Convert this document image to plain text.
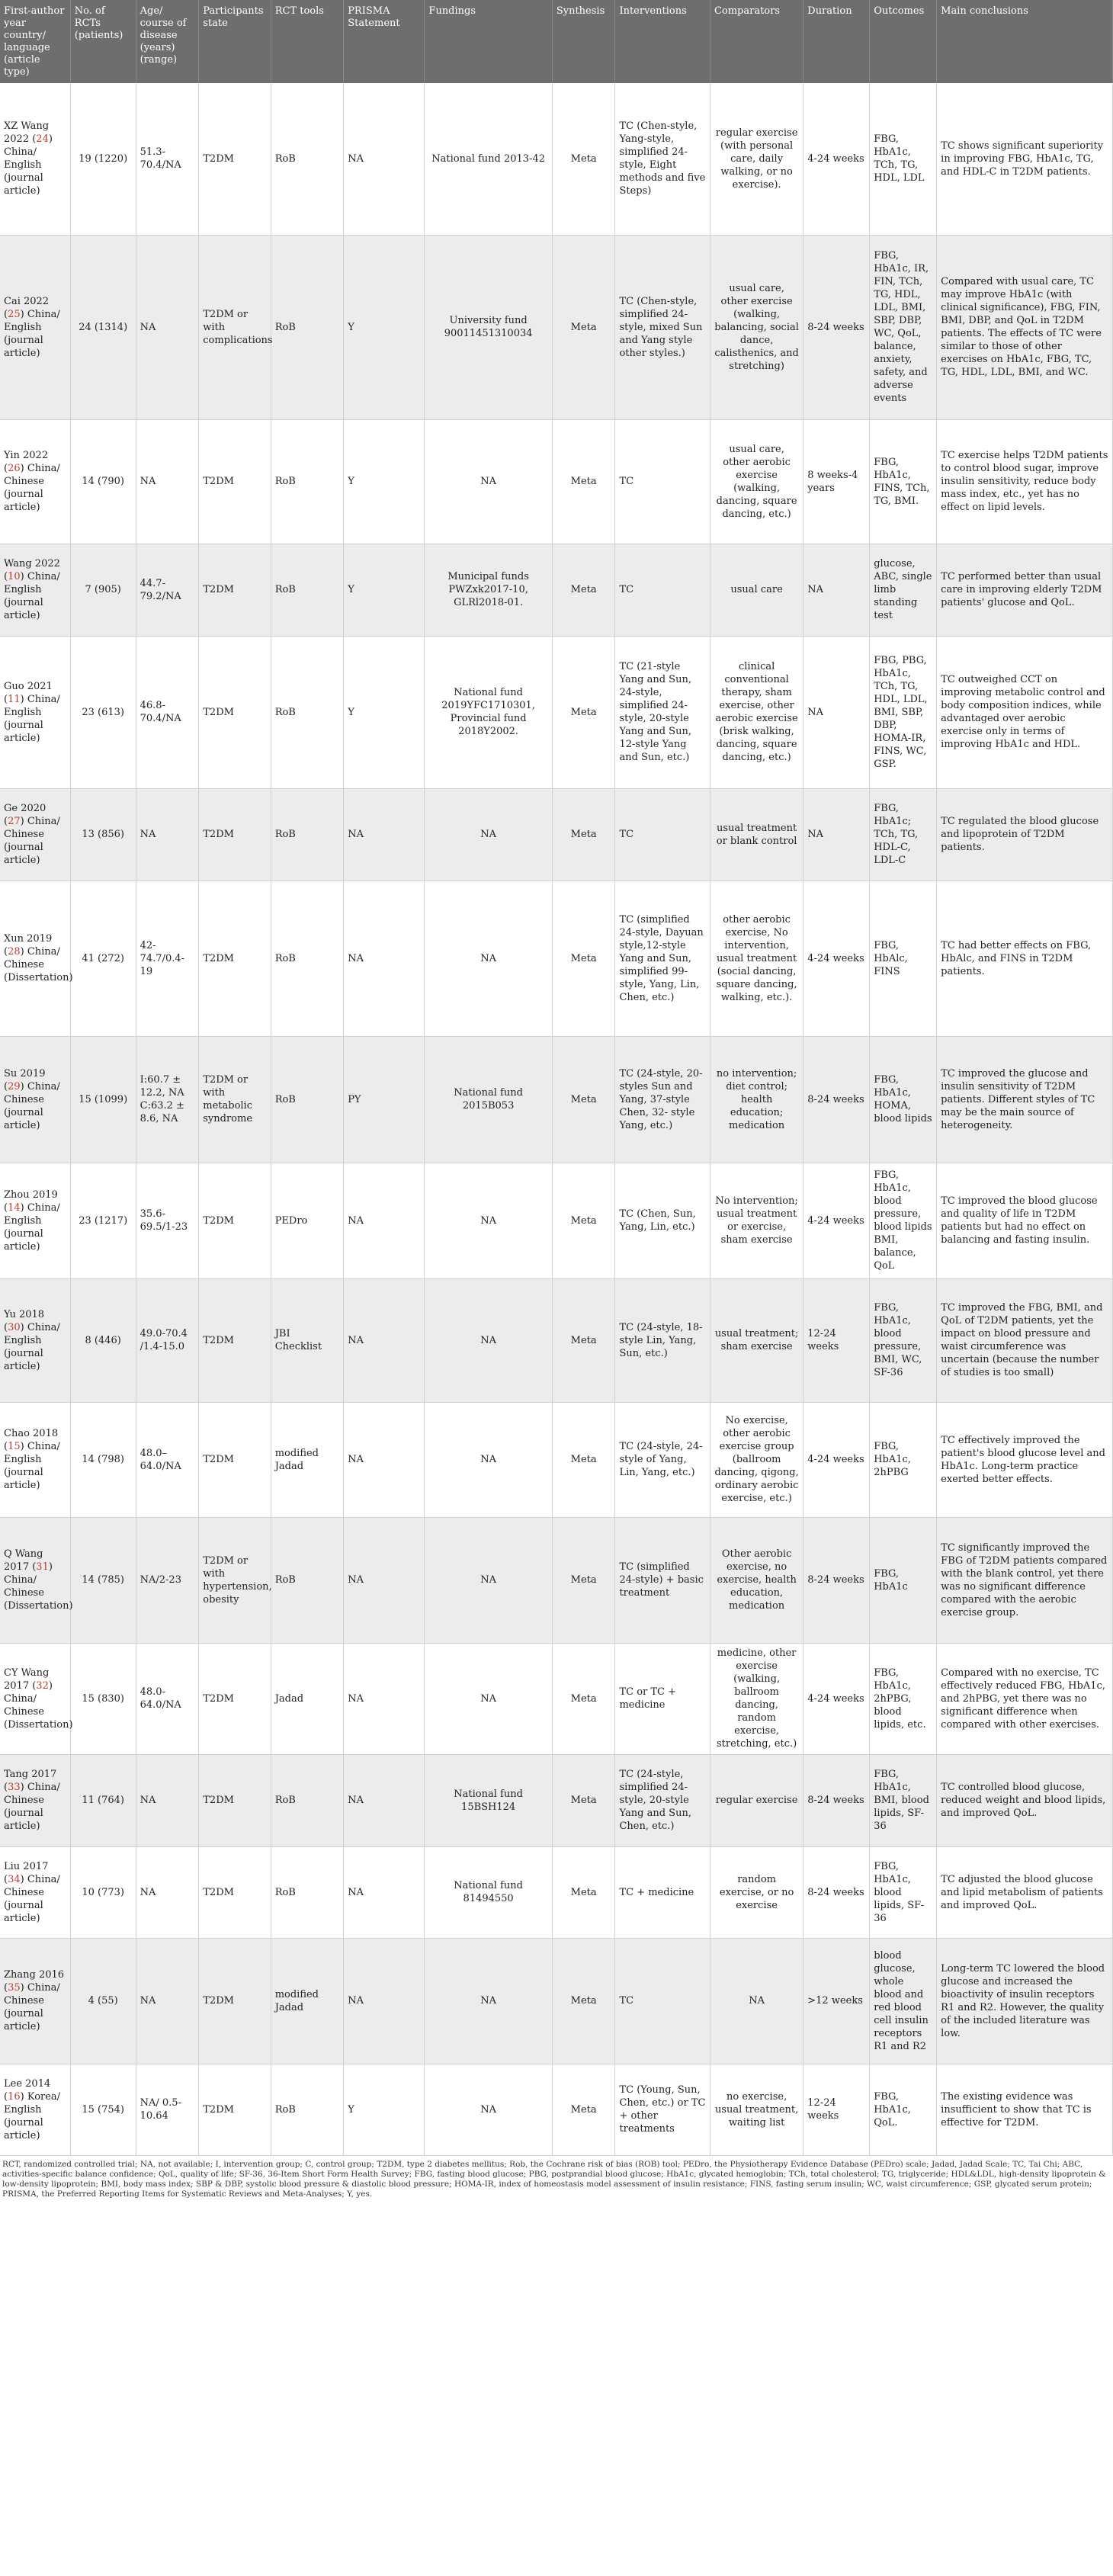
First-author year country/ language (article type)	No. of RCTs (patients)	Age/ course of disease (years) (range)	Participants state	RCT tools	PRISMA Statement	Fundings	Synthesis	Interventions	Comparators	Duration	Outcomes	Main conclusions
XZ Wang 2022 (24) China/ English (journal article)	19 (1220)	51.3-70.4/NA	T2DM	RoB	NA	National fund 2013-42	Meta	TC (Chen-style, Yang-style, simplified 24-style, Eight methods and five Steps)	regular exercise (with personal care, daily walking, or no exercise).	4-24 weeks	FBG, HbA1c, TCh, TG, HDL, LDL	TC shows significant superiority in improving FBG, HbA1c, TG, and HDL-C in T2DM patients.
Cai 2022 (25) China/ English (journal article)	24 (1314)	NA	T2DM or with complications	RoB	Y	University fund 90011451310034	Meta	TC (Chen-style, simplified 24-style, mixed Sun and Yang style other styles.)	usual care, other exercise (walking, balancing, social dance, calisthenics, and stretching)	8-24 weeks	FBG, HbA1c, IR, FIN, TCh, TG, HDL, LDL, BMI, SBP, DBP, WC, QoL, balance, anxiety, safety, and adverse events	Compared with usual care, TC may improve HbA1c (with clinical significance), FBG, FIN, BMI, DBP, and QoL in T2DM patients. The effects of TC were similar to those of other exercises on HbA1c, FBG, TC, TG, HDL, LDL, BMI, and WC.
Yin 2022 (26) China/ Chinese (journal article)	14 (790)	NA	T2DM	RoB	Y	NA	Meta	TC	usual care, other aerobic exercise (walking, dancing, square dancing, etc.)	8 weeks-4 years	FBG, HbA1c, FINS, TCh, TG, BMI.	TC exercise helps T2DM patients to control blood sugar, improve insulin sensitivity, reduce body mass index, etc., yet has no effect on lipid levels.
Wang 2022 (10) China/ English (journal article)	7 (905)	44.7-79.2/NA	T2DM	RoB	Y	Municipal funds PWZxk2017-10, GLRl2018-01.	Meta	TC	usual care	NA	glucose, ABC, single limb standing test	TC performed better than usual care in improving elderly T2DM patients' glucose and QoL.
Guo 2021 (11) China/ English (journal article)	23 (613)	46.8-70.4/NA	T2DM	RoB	Y	National fund 2019YFC1710301, Provincial fund 2018Y2002.	Meta	TC (21-style Yang and Sun, 24-style, simplified 24-style, 20-style Yang and Sun, 12-style Yang and Sun, etc.)	clinical conventional therapy, sham exercise, other aerobic exercise (brisk walking, dancing, square dancing, etc.)	NA	FBG, PBG, HbA1c, TCh, TG, HDL, LDL, BMI, SBP, DBP, HOMA-IR, FINS, WC, GSP.	TC outweighed CCT on improving metabolic control and body composition indices, while advantaged over aerobic exercise only in terms of improving HbA1c and HDL.
Ge 2020 (27) China/ Chinese (journal article)	13 (856)	NA	T2DM	RoB	NA	NA	Meta	TC	usual treatment or blank control	NA	FBG, HbA1c; TCh, TG, HDL-C, LDL-C	TC regulated the blood glucose and lipoprotein of T2DM patients.
Xun 2019 (28) China/ Chinese (Dissertation)	41 (272)	42-74.7/0.4-19	T2DM	RoB	NA	NA	Meta	TC (simplified 24-style, Dayuan style,12-style Yang and Sun, simplified 99-style, Yang, Lin, Chen, etc.)	other aerobic exercise, No intervention, usual treatment (social dancing, square dancing, walking, etc.).	4-24 weeks	FBG, HbAlc, FINS	TC had better effects on FBG, HbAlc, and FINS in T2DM patients.
Su 2019 (29) China/ Chinese (journal article)	15 (1099)	I:60.7 ± 12.2, NA C:63.2 ± 8.6, NA	T2DM or with metabolic syndrome	RoB	PY	National fund 2015B053	Meta	TC (24-style, 20-styles Sun and Yang, 37-style Chen, 32- style Yang, etc.)	no intervention; diet control; health education; medication	8-24 weeks	FBG, HbA1c, HOMA, blood lipids	TC improved the glucose and insulin sensitivity of T2DM patients. Different styles of TC may be the main source of heterogeneity.
Zhou 2019 (14) China/ English (journal article)	23 (1217)	35.6-69.5/1-23	T2DM	PEDro	NA	NA	Meta	TC (Chen, Sun, Yang, Lin, etc.)	No intervention; usual treatment or exercise, sham exercise	4-24 weeks	FBG, HbA1c, blood pressure, blood lipids BMI, balance, QoL	TC improved the blood glucose and quality of life in T2DM patients but had no effect on balancing and fasting insulin.
Yu 2018 (30) China/ English (journal article)	8 (446)	49.0-70.4 /1.4-15.0	T2DM	JBI Checklist	NA	NA	Meta	TC (24-style, 18-style Lin, Yang, Sun, etc.)	usual treatment; sham exercise	12-24 weeks	FBG, HbA1c, blood pressure, BMI, WC, SF-36	TC improved the FBG, BMI, and QoL of T2DM patients, yet the impact on blood pressure and waist circumference was uncertain (because the number of studies is too small)
Chao 2018 (15) China/ English (journal article)	14 (798)	48.0–64.0/NA	T2DM	modified Jadad	NA	NA	Meta	TC (24-style, 24-style of Yang, Lin, Yang, etc.)	No exercise, other aerobic exercise group (ballroom dancing, qigong, ordinary aerobic exercise, etc.)	4-24 weeks	FBG, HbA1c, 2hPBG	TC effectively improved the patient's blood glucose level and HbA1c. Long-term practice exerted better effects.
Q Wang 2017 (31) China/ Chinese (Dissertation)	14 (785)	NA/2-23	T2DM or with hypertension, obesity	RoB	NA	NA	Meta	TC (simplified 24-style) + basic treatment	Other aerobic exercise, no exercise, health education, medication	8-24 weeks	FBG, HbA1c	TC significantly improved the FBG of T2DM patients compared with the blank control, yet there was no significant difference compared with the aerobic exercise group.
CY Wang 2017 (32) China/ Chinese (Dissertation)	15 (830)	48.0-64.0/NA	T2DM	Jadad	NA	NA	Meta	TC or TC + medicine	medicine, other exercise (walking, ballroom dancing, random exercise, stretching, etc.)	4-24 weeks	FBG, HbA1c, 2hPBG, blood lipids, etc.	Compared with no exercise, TC effectively reduced FBG, HbA1c, and 2hPBG, yet there was no significant difference when compared with other exercises.
Tang 2017 (33) China/ Chinese (journal article)	11 (764)	NA	T2DM	RoB	NA	National fund 15BSH124	Meta	TC (24-style, simplified 24-style, 20-style Yang and Sun, Chen, etc.)	regular exercise	8-24 weeks	FBG, HbA1c, BMI, blood lipids, SF-36	TC controlled blood glucose, reduced weight and blood lipids, and improved QoL.
Liu 2017 (34) China/ Chinese (journal article)	10 (773)	NA	T2DM	RoB	NA	National fund 81494550	Meta	TC + medicine	random exercise, or no exercise	8-24 weeks	FBG, HbA1c, blood lipids, SF-36	TC adjusted the blood glucose and lipid metabolism of patients and improved QoL.
Zhang 2016 (35) China/ Chinese (journal article)	4 (55)	NA	T2DM	modified Jadad	NA	NA	Meta	TC	NA	>12 weeks	blood glucose, whole blood and red blood cell insulin receptors R1 and R2	Long-term TC lowered the blood glucose and increased the bioactivity of insulin receptors R1 and R2. However, the quality of the included literature was low.
Lee 2014 (16) Korea/ English (journal article)	15 (754)	NA/ 0.5-10.64	T2DM	RoB	Y	NA	Meta	TC (Young, Sun, Chen, etc.) or TC + other treatments	no exercise, usual treatment, waiting list	12-24 weeks	FBG, HbA1c, QoL.	The existing evidence was insufficient to show that TC is effective for T2DM.
RCT, randomized controlled trial; NA, not available; I, intervention group; C, control group; T2DM, type 2 diabetes mellitus; Rob, the Cochrane risk of bias (ROB) tool; PEDro, the Physiotherapy Evidence Database (PEDro) scale; Jadad, Jadad Scale; TC, Tai Chi; ABC, activities-specific balance confidence; QoL, quality of life; SF-36, 36-Item Short Form Health Survey; FBG, fasting blood glucose; PBG, postprandial blood glucose; HbA1c, glycated hemoglobin; TCh, total cholesterol; TG, triglyceride; HDL&LDL, high-density lipoprotein & low-density lipoprotein; BMI, body mass index; SBP & DBP, systolic blood pressure & diastolic blood pressure; HOMA-IR, index of homeostasis model assessment of insulin resistance; FINS, fasting serum insulin; WC, waist circumference; GSP, glycated serum protein; PRISMA, the Preferred Reporting Items for Systematic Reviews and Meta-Analyses; Y, yes.
